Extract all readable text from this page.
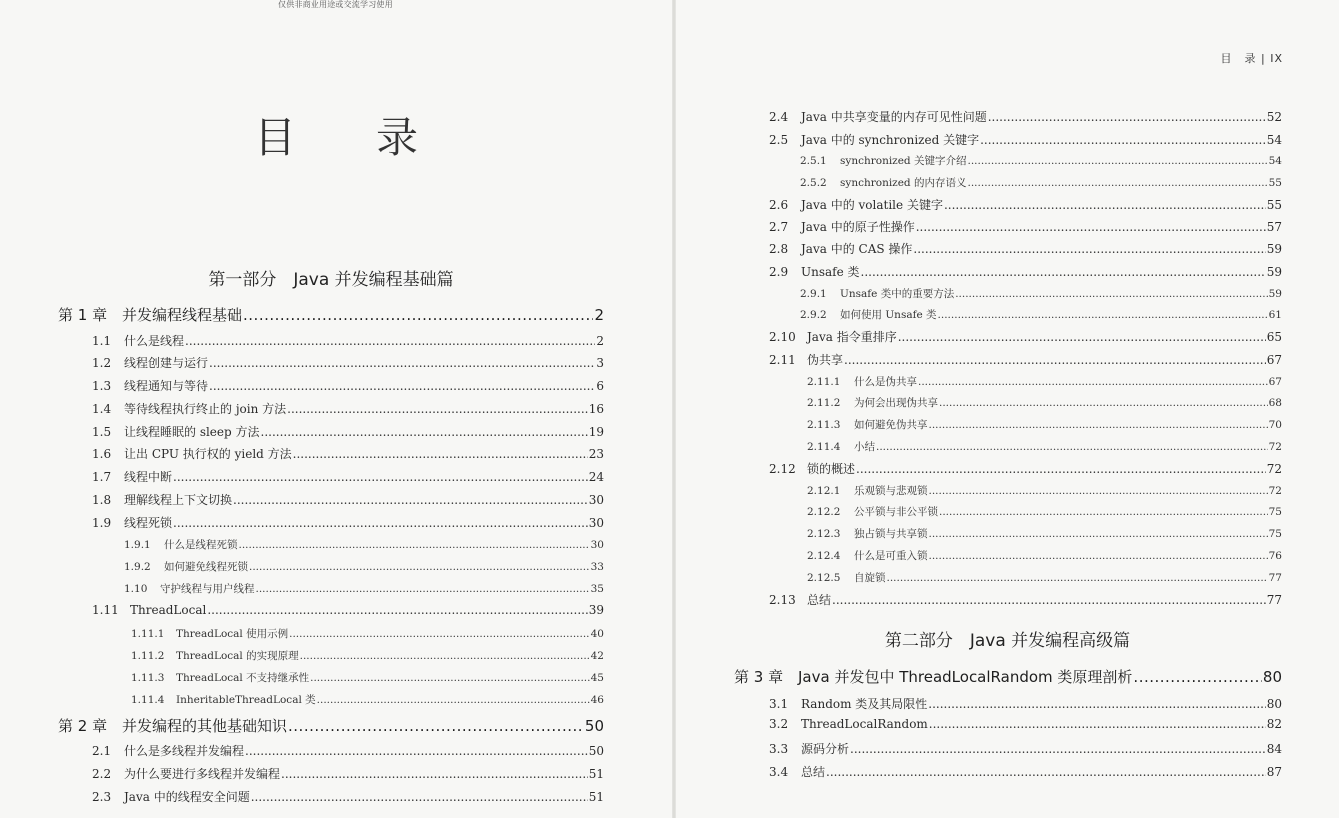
仅供非商业用途或交流学习使用
目 录
第一部分　Java 并发编程基础篇
第 1 章 并发编程线程基础 .....	2
1.1	什么是线程 .....	2
1.2	线程创建与运行 .....	3
1.3	线程通知与等待 .....	6
1.4	等待线程执行终止的 join 方法 .....	16
1.5	让线程睡眠的 sleep 方法 .....	19
1.6	让出 CPU 执行权的 yield 方法 .....	23
1.7	线程中断 .....	24
1.8	理解线程上下文切换 .....	30
1.9	线程死锁 .....	30
1.9.1	什么是线程死锁 .....	30
1.9.2	如何避免线程死锁 .....	33
1.10	守护线程与用户线程 .....	35
1.11 ThreadLocal .....	39
1.11.1	ThreadLocal 使用示例 .....	40
1.11.2	ThreadLocal 的实现原理 .....	42
1.11.3	ThreadLocal 不支持继承性 .....	45
1.11.4	InheritableThreadLocal 类 .....	46
第 2 章 并发编程的其他基础知识 .....	50
2.1	什么是多线程并发编程 .....	50
2.2	为什么要进行多线程并发编程 .....	51
2.3	Java 中的线程安全问题 .....	51
目　录 | IX
2.4	Java 中共享变量的内存可见性问题 .....	52
2.5	Java 中的 synchronized 关键字 .....	54
2.5.1	synchronized 关键字介绍 .....	54
2.5.2	synchronized 的内存语义 .....	55
2.6	Java 中的 volatile 关键字 .....	55
2.7	Java 中的原子性操作 .....	57
2.8	Java 中的 CAS 操作 .....	59
2.9	Unsafe 类 .....	59
2.9.1	Unsafe 类中的重要方法 .....	59
2.9.2	如何使用 Unsafe 类 .....	61
2.10 Java 指令重排序 .....	65
2.11 伪共享 .....	67
2.11.1	什么是伪共享 .....	67
2.11.2	为何会出现伪共享 .....	68
2.11.3	如何避免伪共享 .....	70
2.11.4	小结 .....	72
2.12 锁的概述 .....	72
2.12.1	乐观锁与悲观锁 .....	72
2.12.2	公平锁与非公平锁 .....	75
2.12.3	独占锁与共享锁 .....	75
2.12.4	什么是可重入锁 .....	76
2.12.5	自旋锁 .....	77
2.13 总结 .....	77
第 3 章 Java 并发包中 ThreadLocalRandom 类原理剖析 .....	80
3.1	Random 类及其局限性 .....	80
3.2	ThreadLocalRandom .....	82
3.3	源码分析 .....	84
3.4	总结 .....	87
第二部分　Java 并发编程高级篇
